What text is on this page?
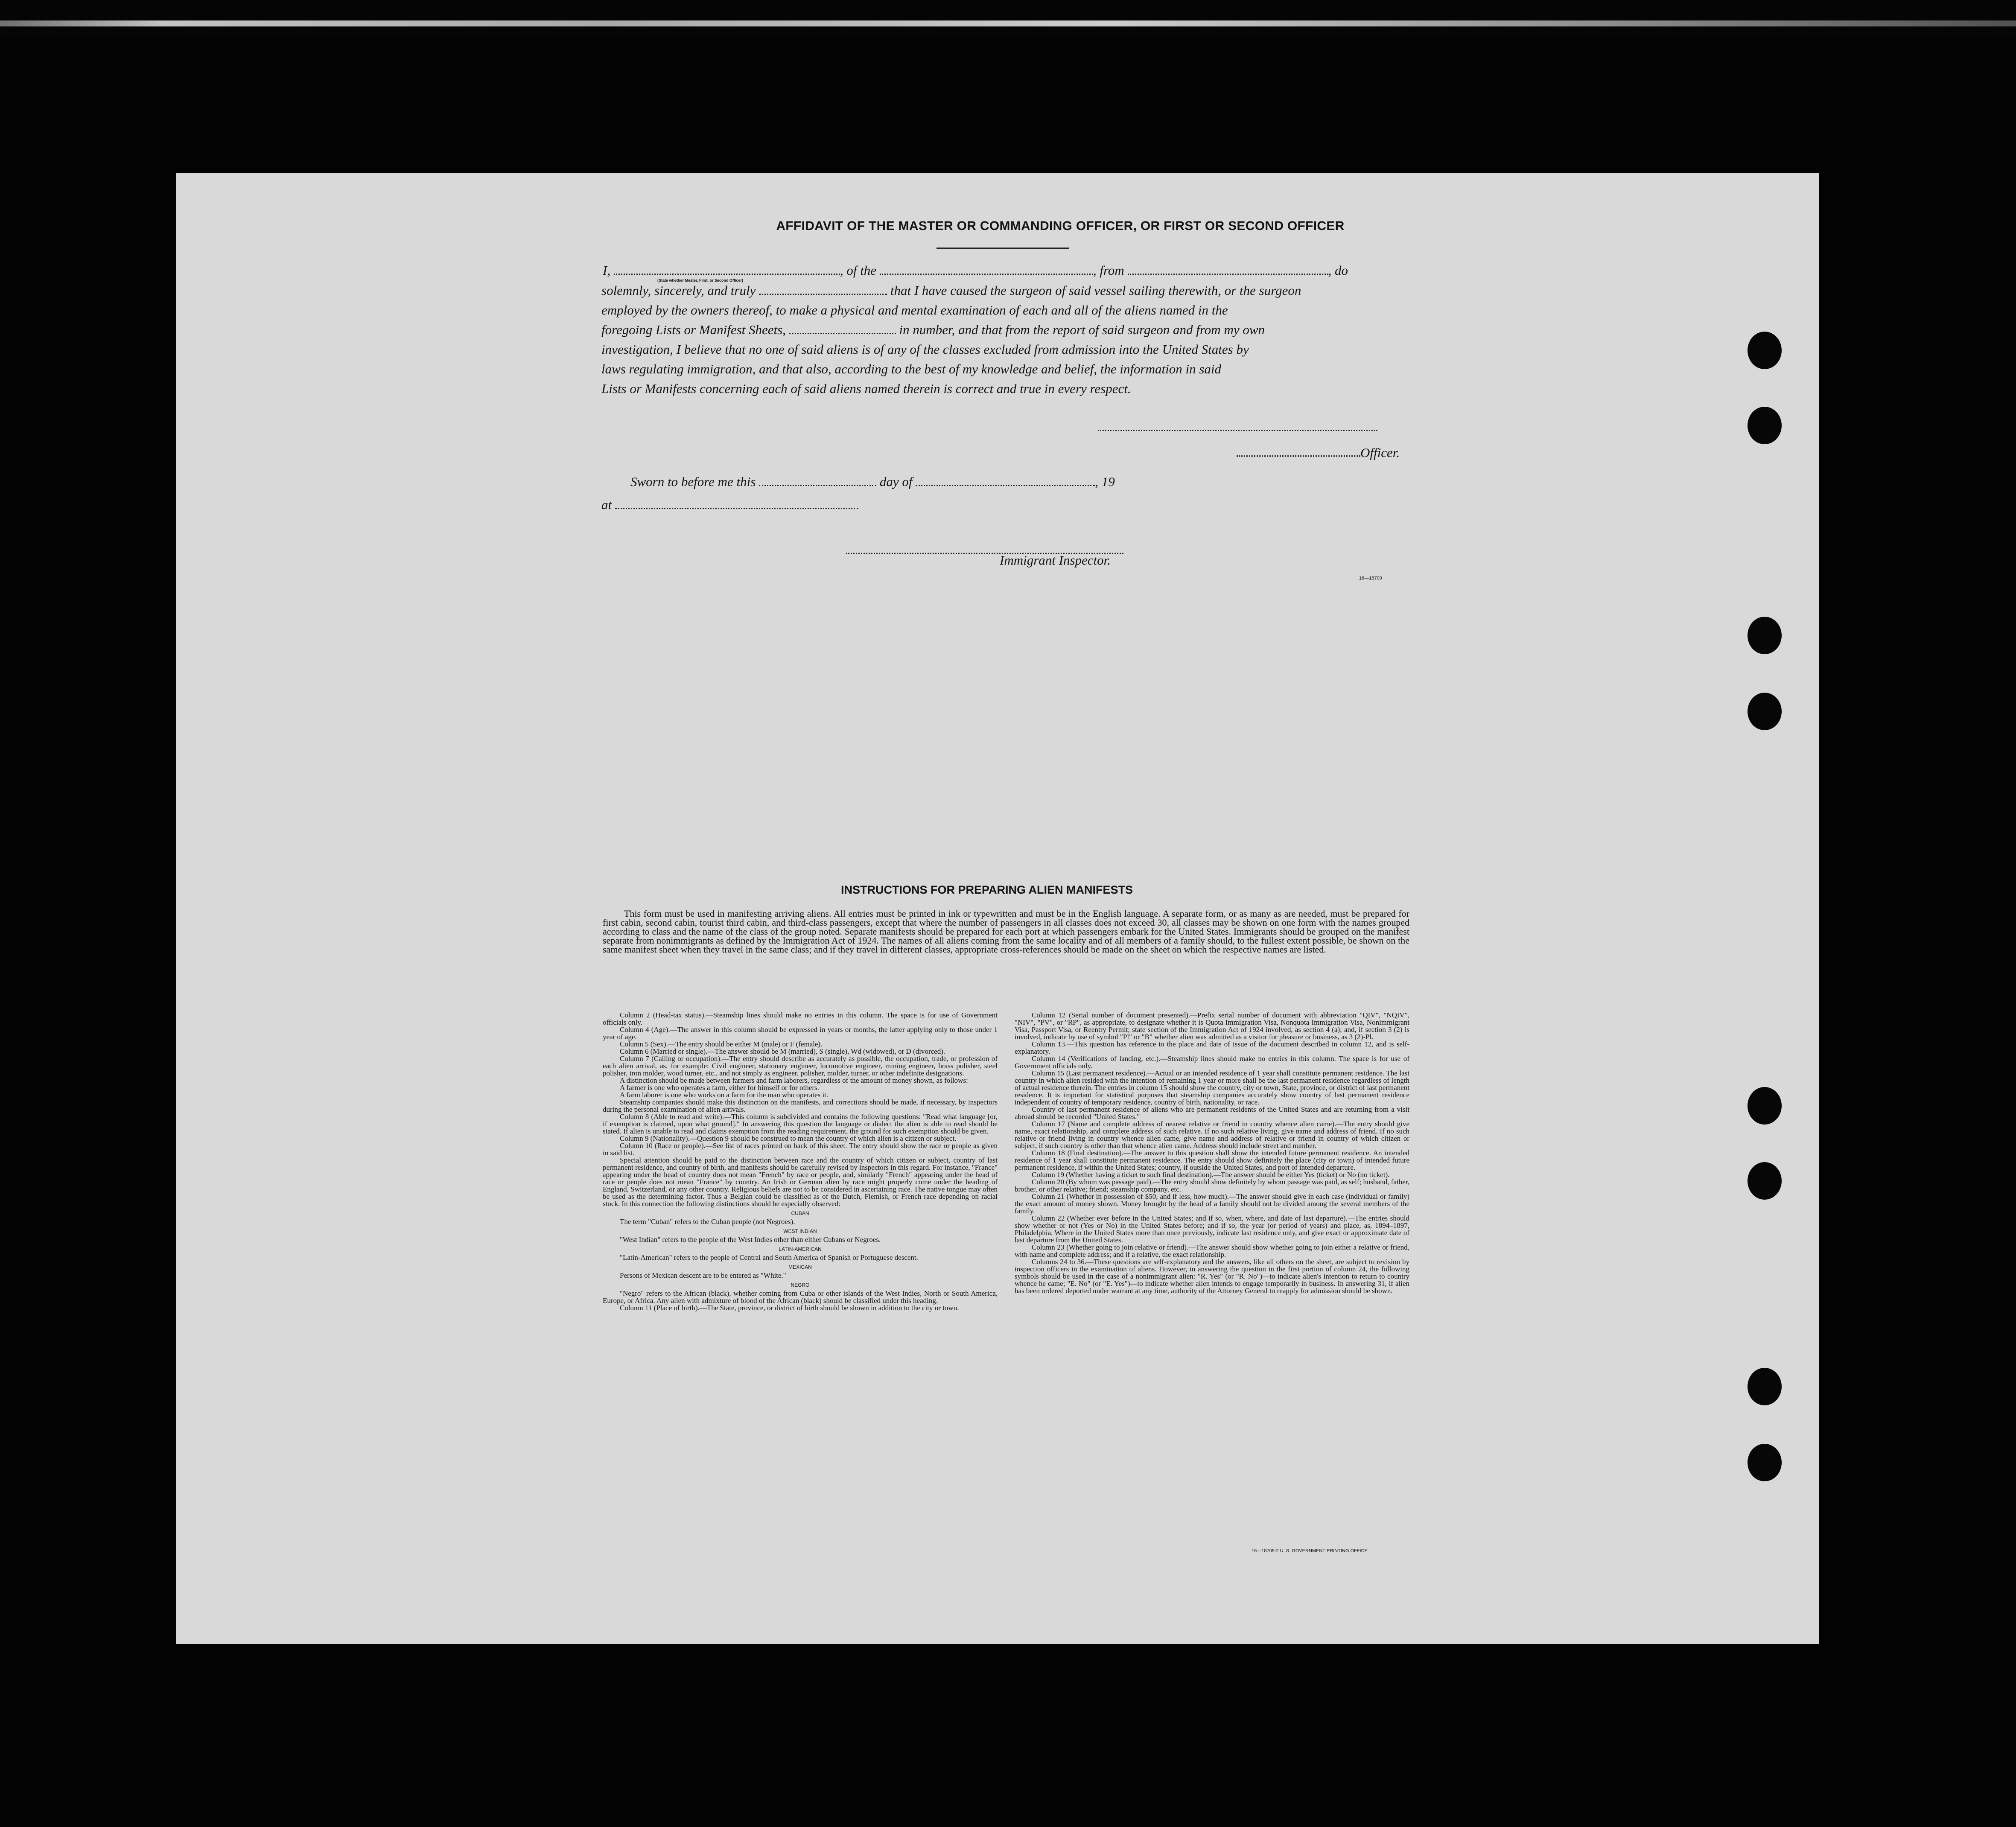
AFFIDAVIT OF THE MASTER OR COMMANDING OFFICER, OR FIRST OR SECOND OFFICER
I,	, of the	, from	, do
(State whether Master, First, or Second Officer)
solemnly, sincerely, and truly	that I have caused the surgeon of said vessel sailing therewith, or the surgeon
employed by the owners thereof, to make a physical and mental examination of each and all of the aliens named in the
foregoing Lists or Manifest Sheets,	in number, and that from the report of said surgeon and from my own
investigation, I believe that no one of said aliens is of any of the classes excluded from admission into the United States by
laws regulating immigration, and that also, according to the best of my knowledge and belief, the information in said
Lists or Manifests concerning each of said aliens named therein is correct and true in every respect.
Officer.
Sworn to before me this	day of	, 19
at
Immigrant Inspector.
16—18709
INSTRUCTIONS FOR PREPARING ALIEN MANIFESTS
This form must be used in manifesting arriving aliens. All entries must be printed in ink or typewritten and must be in the English language. A separate form, or as many as are needed, must be prepared for first cabin, second cabin, tourist third cabin, and third-class passengers, except that where the number of passengers in all classes does not exceed 30, all classes may be shown on one form with the names grouped according to class and the name of the class of the group noted. Separate manifests should be prepared for each port at which passengers embark for the United States. Immigrants should be grouped on the manifest separate from nonimmigrants as defined by the Immigration Act of 1924. The names of all aliens coming from the same locality and of all members of a family should, to the fullest extent possible, be shown on the same manifest sheet when they travel in the same class; and if they travel in different classes, appropriate cross-references should be made on the sheet on which the respective names are listed.

Column 2 (Head-tax status).—Steamship lines should make no entries in this column. The space is for use of Government officials only.

Column 4 (Age).—The answer in this column should be expressed in years or months, the latter applying only to those under 1 year of age.

Column 5 (Sex).—The entry should be either M (male) or F (female).

Column 6 (Married or single).—The answer should be M (married), S (single), Wd (widowed), or D (divorced).

Column 7 (Calling or occupation).—The entry should describe as accurately as possible, the occupation, trade, or profession of each alien arrival, as, for example: Civil engineer, stationary engineer, locomotive engineer, mining engineer, brass polisher, steel polisher, iron molder, wood turner, etc., and not simply as engineer, polisher, molder, turner, or other indefinite designations.

A distinction should be made between farmers and farm laborers, regardless of the amount of money shown, as follows:

A farmer is one who operates a farm, either for himself or for others.

A farm laborer is one who works on a farm for the man who operates it.

Steamship companies should make this distinction on the manifests, and corrections should be made, if necessary, by inspectors during the personal examination of alien arrivals.

Column 8 (Able to read and write).—This column is subdivided and contains the following questions: "Read what language [or, if exemption is claimed, upon what ground]." In answering this question the language or dialect the alien is able to read should be stated. If alien is unable to read and claims exemption from the reading requirement, the ground for such exemption should be given.

Column 9 (Nationality).—Question 9 should be construed to mean the country of which alien is a citizen or subject.

Column 10 (Race or people).—See list of races printed on back of this sheet. The entry should show the race or people as given in said list.

Special attention should be paid to the distinction between race and the country of which citizen or subject, country of last permanent residence, and country of birth, and manifests should be carefully revised by inspectors in this regard. For instance, "France" appearing under the head of country does not mean "French" by race or people, and, similarly "French" appearing under the head of race or people does not mean "France" by country. An Irish or German alien by race might properly come under the heading of England, Switzerland, or any other country. Religious beliefs are not to be considered in ascertaining race. The native tongue may often be used as the determining factor. Thus a Belgian could be classified as of the Dutch, Flemish, or French race depending on racial stock. In this connection the following distinctions should be especially observed:

CUBAN

The term "Cuban" refers to the Cuban people (not Negroes).

WEST INDIAN

"West Indian" refers to the people of the West Indies other than either Cubans or Negroes.

LATIN-AMERICAN

"Latin-American" refers to the people of Central and South America of Spanish or Portuguese descent.

MEXICAN

Persons of Mexican descent are to be entered as "White."

NEGRO

"Negro" refers to the African (black), whether coming from Cuba or other islands of the West Indies, North or South America, Europe, or Africa. Any alien with admixture of blood of the African (black) should be classified under this heading.

Column 11 (Place of birth).—The State, province, or district of birth should be shown in addition to the city or town.

Column 12 (Serial number of document presented).—Prefix serial number of document with abbreviation "QIV", "NQIV", "NIV", "PV", or "RP", as appropriate, to designate whether it is Quota Immigration Visa, Nonquota Immigration Visa, Nonimmigrant Visa, Passport Visa, or Reentry Permit; state section of the Immigration Act of 1924 involved, as section 4 (a); and, if section 3 (2) is involved, indicate by use of symbol "Pl" or "B" whether alien was admitted as a visitor for pleasure or business, as 3 (2)-Pl.

Column 13.—This question has reference to the place and date of issue of the document described in column 12, and is self-explanatory.

Column 14 (Verifications of landing, etc.).—Steamship lines should make no entries in this column. The space is for use of Government officials only.

Column 15 (Last permanent residence).—Actual or an intended residence of 1 year shall constitute permanent residence. The last country in which alien resided with the intention of remaining 1 year or more shall be the last permanent residence regardless of length of actual residence therein. The entries in column 15 should show the country, city or town, State, province, or district of last permanent residence. It is important for statistical purposes that steamship companies accurately show country of last permanent residence independent of country of temporary residence, country of birth, nationality, or race.

Country of last permanent residence of aliens who are permanent residents of the United States and are returning from a visit abroad should be recorded "United States."

Column 17 (Name and complete address of nearest relative or friend in country whence alien came).—The entry should give name, exact relationship, and complete address of such relative. If no such relative living, give name and address of friend. If no such relative or friend living in country whence alien came, give name and address of relative or friend in country of which citizen or subject, if such country is other than that whence alien came. Address should include street and number.

Column 18 (Final destination).—The answer to this question shall show the intended future permanent residence. An intended residence of 1 year shall constitute permanent residence. The entry should show definitely the place (city or town) of intended future permanent residence, if within the United States; country, if outside the United States, and port of intended departure.

Column 19 (Whether having a ticket to such final destination).—The answer should be either Yes (ticket) or No (no ticket).

Column 20 (By whom was passage paid).—The entry should show definitely by whom passage was paid, as self; husband, father, brother, or other relative; friend; steamship company, etc.

Column 21 (Whether in possession of $50, and if less, how much).—The answer should give in each case (individual or family) the exact amount of money shown. Money brought by the head of a family should not be divided among the several members of the family.

Column 22 (Whether ever before in the United States; and if so, when, where, and date of last departure).—The entries should show whether or not (Yes or No) in the United States before; and if so, the year (or period of years) and place, as, 1894–1897, Philadelphia. Where in the United States more than once previously, indicate last residence only, and give exact or approximate date of last departure from the United States.

Column 23 (Whether going to join relative or friend).—The answer should show whether going to join either a relative or friend, with name and complete address; and if a relative, the exact relationship.

Columns 24 to 36.—These questions are self-explanatory and the answers, like all others on the sheet, are subject to revision by inspection officers in the examination of aliens. However, in answering the question in the first portion of column 24, the following symbols should be used in the case of a nonimmigrant alien: "R. Yes" (or "R. No")—to indicate alien's intention to return to country whence he came; "E. No" (or "E. Yes")—to indicate whether alien intends to engage temporarily in business. In answering 31, if alien has been ordered deported under warrant at any time, authority of the Attorney General to reapply for admission should be shown.

16—18709-2 U. S. GOVERNMENT PRINTING OFFICE
